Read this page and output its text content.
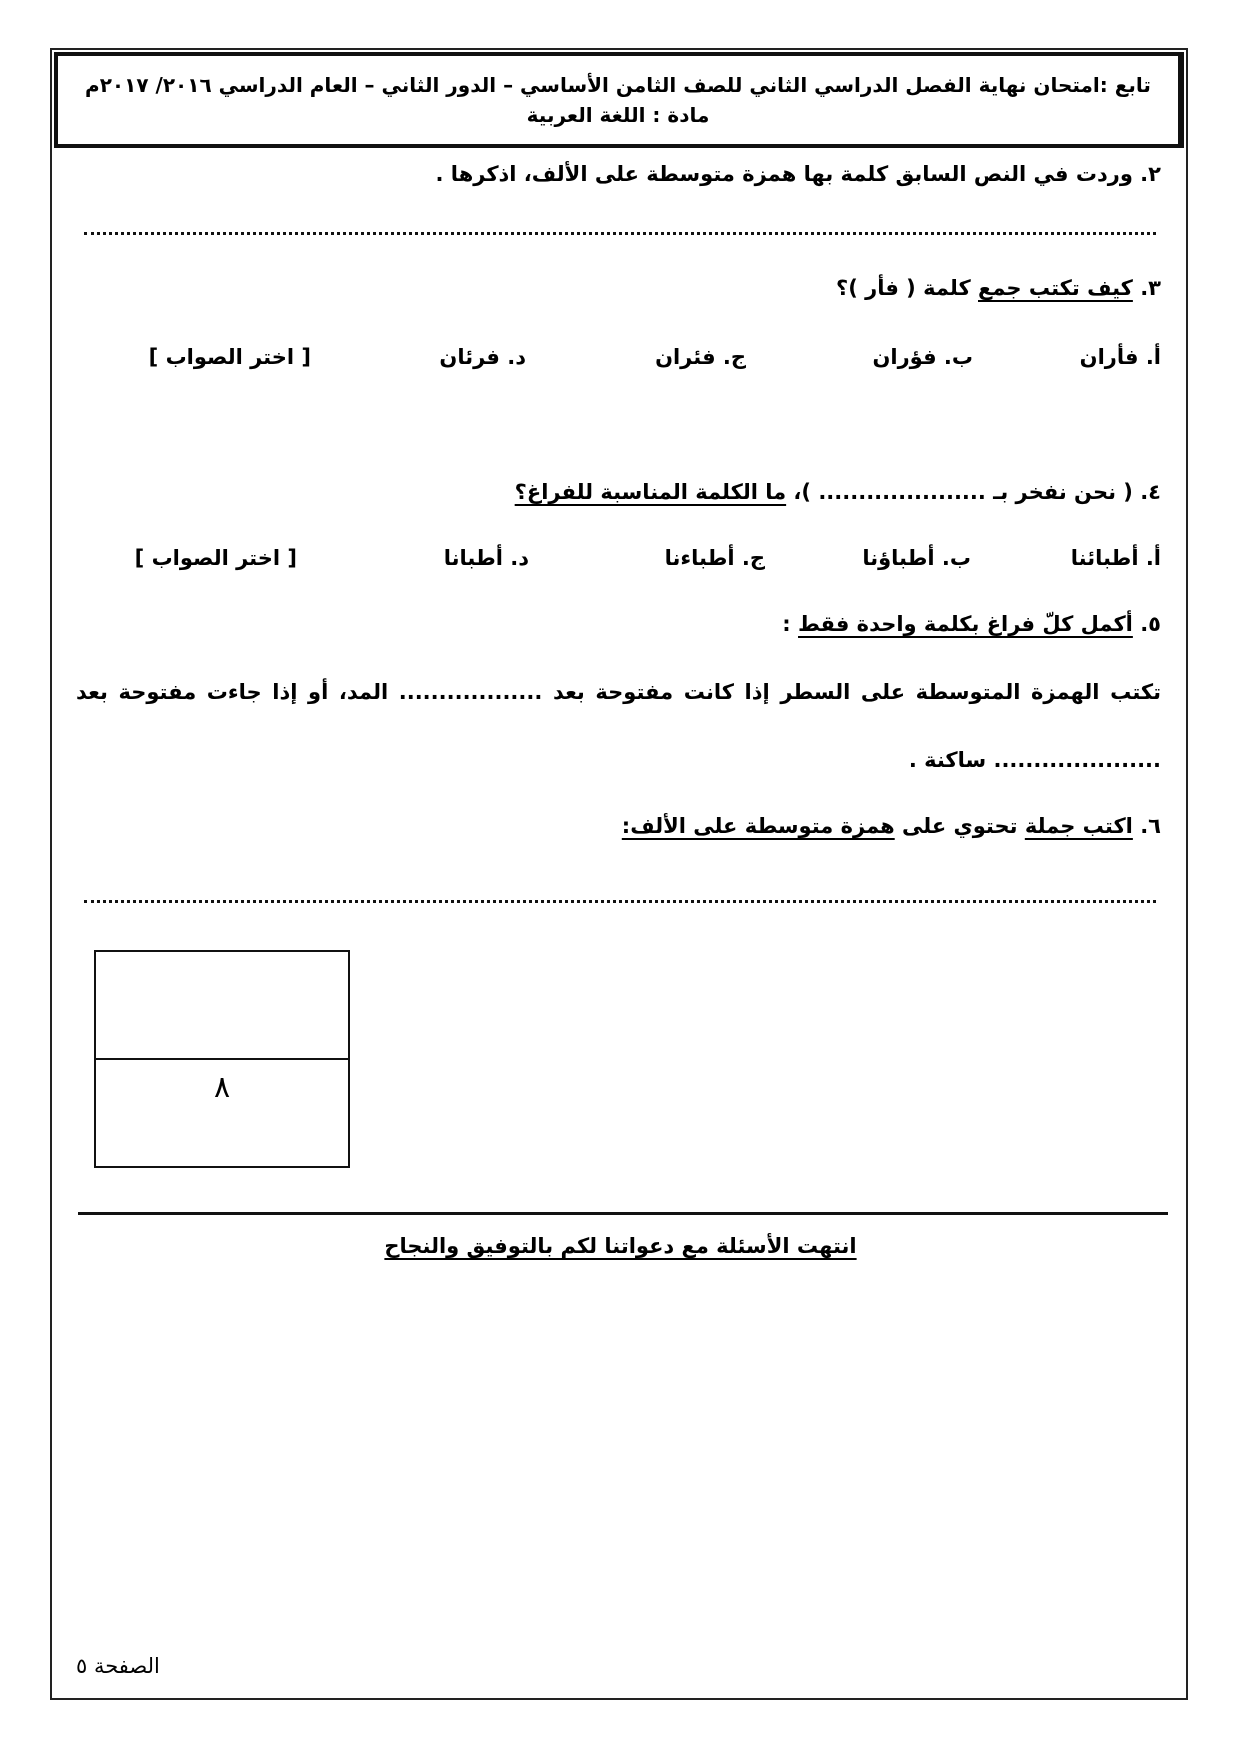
تابع :امتحان نهاية الفصل الدراسي الثاني للصف الثامن الأساسي – الدور الثاني – العام الدراسي ٢٠١٦/ ٢٠١٧م
مادة : اللغة العربية
٢. وردت في النص السابق كلمة بها همزة متوسطة على الألف، اذكرها .
٣. كيف تكتب جمع كلمة ( فأر )؟
أ. فأران
ب. فؤران
ج. فئران
د. فرئان
[ اختر الصواب ]
٤. ( نحن نفخر بـ ..................... )، ما الكلمة المناسبة للفراغ؟
أ. أطبائنا
ب. أطباؤنا
ج. أطباءنا
د. أطبانا
[ اختر الصواب ]
٥. أكمل كلّ فراغ بكلمة واحدة فقط :
تكتب الهمزة المتوسطة على السطر إذا كانت مفتوحة بعد .................. المد، أو إذا جاءت مفتوحة بعد
..................... ساكنة .
٦. اكتب جملة تحتوي على همزة متوسطة على الألف:
٨
انتهت الأسئلة مع دعواتنا لكم بالتوفيق والنجاح
الصفحة ٥
